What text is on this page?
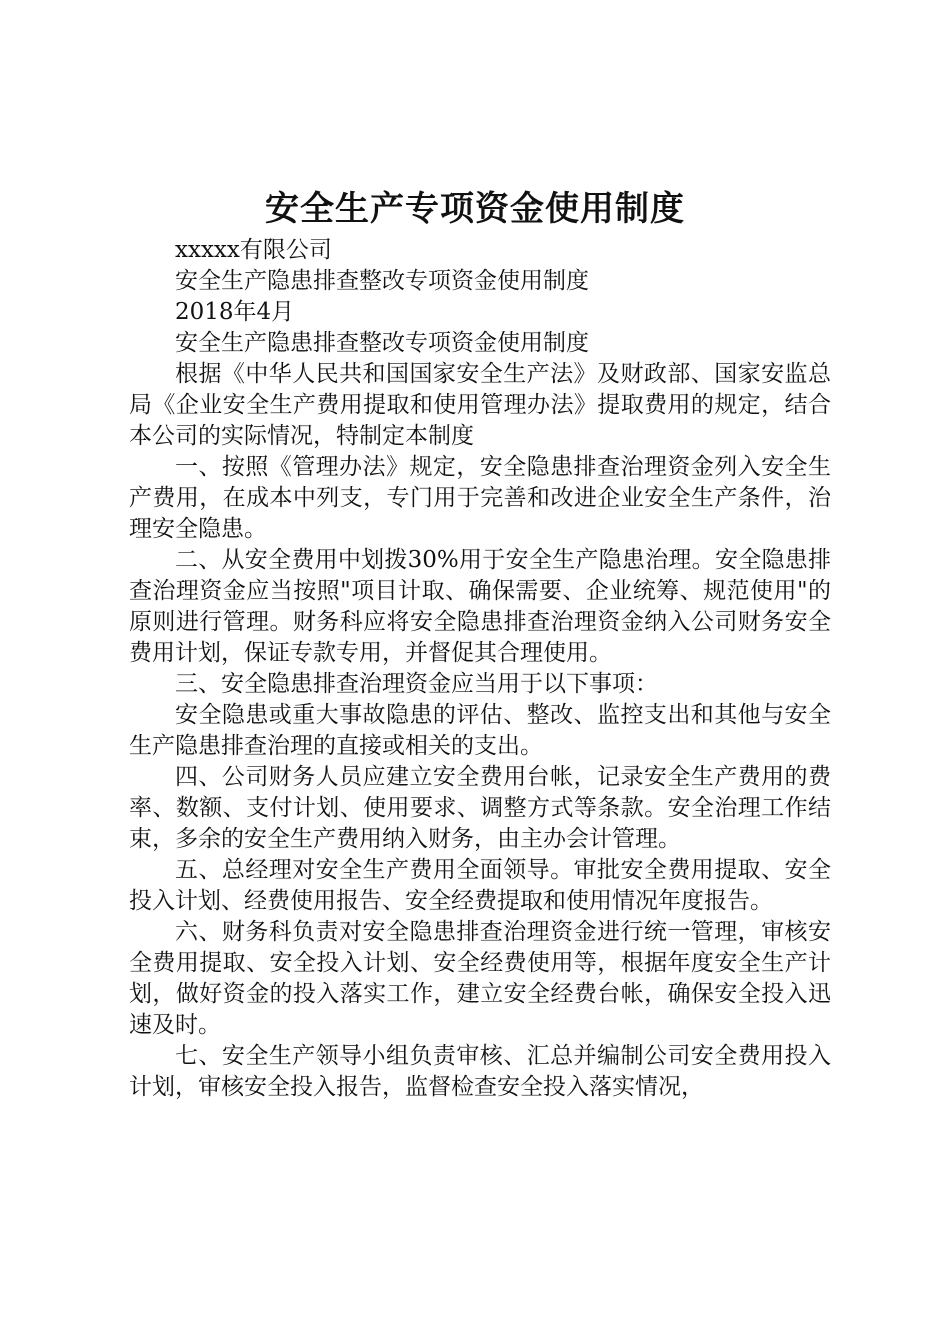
安全生产专项资金使用制度

xxxxx有限公司

安全生产隐患排查整改专项资金使用制度

2018年4月

安全生产隐患排查整改专项资金使用制度

根据《中华人民共和国国家安全生产法》及财政部、国家安监总局《企业安全生产费用提取和使用管理办法》提取费用的规定，结合本公司的实际情况，特制定本制度

一、按照《管理办法》规定，安全隐患排查治理资金列入安全生产费用，在成本中列支，专门用于完善和改进企业安全生产条件，治理安全隐患。

二、从安全费用中划拨30%用于安全生产隐患治理。安全隐患排查治理资金应当按照"项目计取、确保需要、企业统筹、规范使用"的原则进行管理。财务科应将安全隐患排查治理资金纳入公司财务安全费用计划，保证专款专用，并督促其合理使用。

三、安全隐患排查治理资金应当用于以下事项：

安全隐患或重大事故隐患的评估、整改、监控支出和其他与安全生产隐患排查治理的直接或相关的支出。

四、公司财务人员应建立安全费用台帐，记录安全生产费用的费率、数额、支付计划、使用要求、调整方式等条款。安全治理工作结束，多余的安全生产费用纳入财务，由主办会计管理。

五、总经理对安全生产费用全面领导。审批安全费用提取、安全投入计划、经费使用报告、安全经费提取和使用情况年度报告。

六、财务科负责对安全隐患排查治理资金进行统一管理，审核安全费用提取、安全投入计划、安全经费使用等，根据年度安全生产计划，做好资金的投入落实工作，建立安全经费台帐，确保安全投入迅速及时。

七、安全生产领导小组负责审核、汇总并编制公司安全费用投入计划，审核安全投入报告，监督检查安全投入落实情况，
